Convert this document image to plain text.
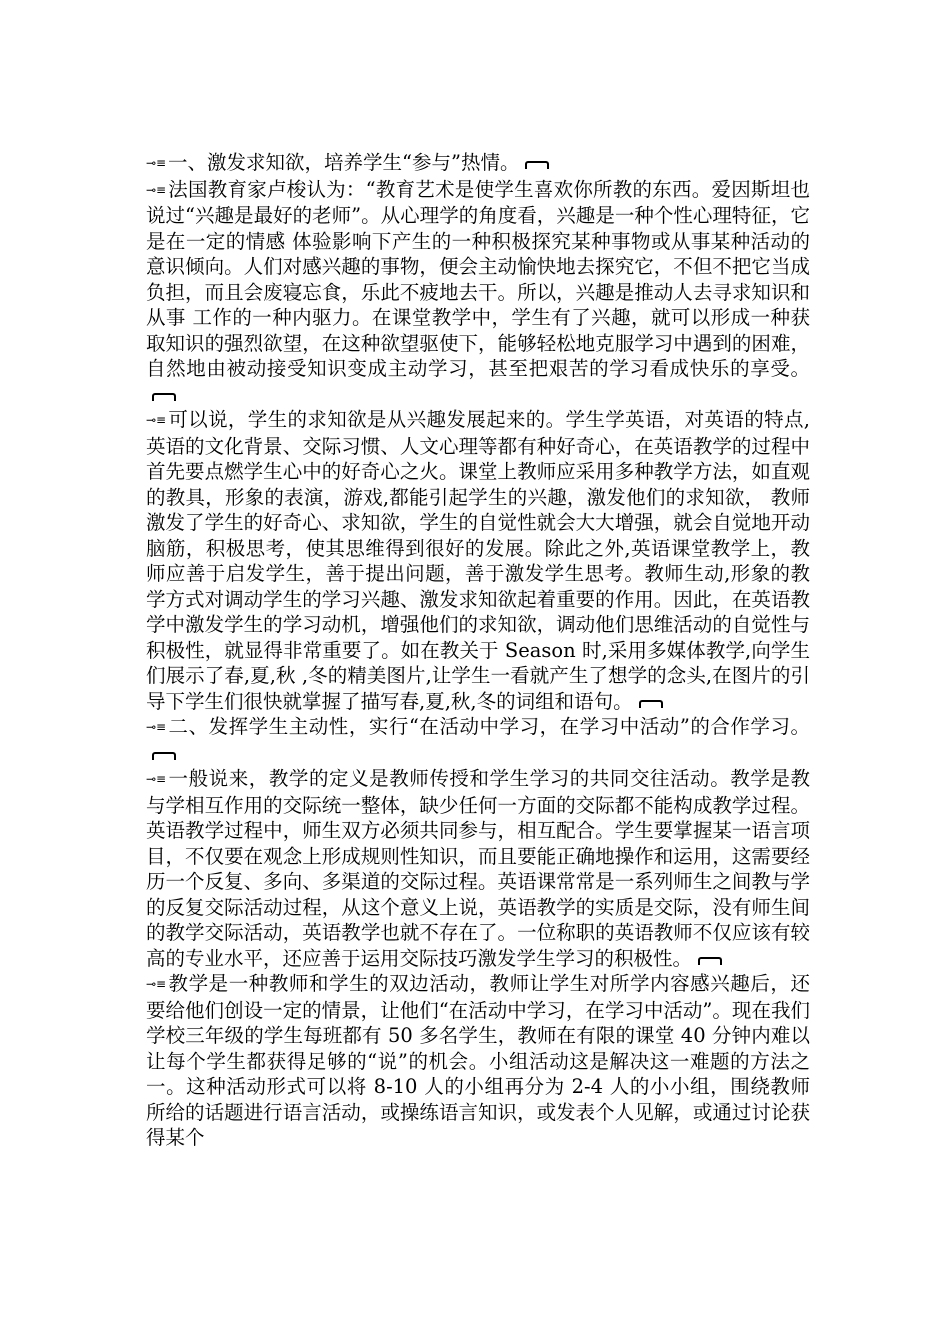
⊸≡一、激发求知欲，培养学生“参与”热情。

⊸≡法国教育家卢梭认为：“教育艺术是使学生喜欢你所教的东西。爱因斯坦也说过“兴趣是最好的老师”。从心理学的角度看，兴趣是一种个性心理特征，它是在一定的情感 体验影响下产生的一种积极探究某种事物或从事某种活动的意识倾向。人们对感兴趣的事物，便会主动愉快地去探究它，不但不把它当成负担，而且会废寝忘食，乐此不疲地去干。所以，兴趣是推动人去寻求知识和从事 工作的一种内驱力。在课堂教学中，学生有了兴趣，就可以形成一种获取知识的强烈欲望，在这种欲望驱使下，能够轻松地克服学习中遇到的困难，自然地由被动接受知识变成主动学习，甚至把艰苦的学习看成快乐的享受。

⊸≡可以说，学生的求知欲是从兴趣发展起来的。学生学英语，对英语的特点,英语的文化背景、交际习惯、人文心理等都有种好奇心，在英语教学的过程中首先要点燃学生心中的好奇心之火。课堂上教师应采用多种教学方法，如直观的教具，形象的表演，游戏,都能引起学生的兴趣，激发他们的求知欲， 教师激发了学生的好奇心、求知欲，学生的自觉性就会大大增强，就会自觉地开动脑筋，积极思考，使其思维得到很好的发展。除此之外,英语课堂教学上，教师应善于启发学生，善于提出问题，善于激发学生思考。教师生动,形象的教学方式对调动学生的学习兴趣、激发求知欲起着重要的作用。因此，在英语教学中激发学生的学习动机，增强他们的求知欲，调动他们思维活动的自觉性与积极性，就显得非常重要了。如在教关于 Season 时,采用多媒体教学,向学生们展示了春,夏,秋 ,冬的精美图片,让学生一看就产生了想学的念头,在图片的引导下学生们很快就掌握了描写春,夏,秋,冬的词组和语句。

⊸≡二、发挥学生主动性，实行“在活动中学习，在学习中活动”的合作学习。

⊸≡一般说来，教学的定义是教师传授和学生学习的共同交往活动。教学是教与学相互作用的交际统一整体，缺少任何一方面的交际都不能构成教学过程。英语教学过程中，师生双方必须共同参与，相互配合。学生要掌握某一语言项目，不仅要在观念上形成规则性知识，而且要能正确地操作和运用，这需要经历一个反复、多向、多渠道的交际过程。英语课常常是一系列师生之间教与学的反复交际活动过程，从这个意义上说，英语教学的实质是交际，没有师生间的教学交际活动，英语教学也就不存在了。一位称职的英语教师不仅应该有较高的专业水平，还应善于运用交际技巧激发学生学习的积极性。

⊸≡教学是一种教师和学生的双边活动，教师让学生对所学内容感兴趣后，还要给他们创设一定的情景，让他们“在活动中学习，在学习中活动”。现在我们学校三年级的学生每班都有 50 多名学生，教师在有限的课堂 40 分钟内难以让每个学生都获得足够的“说”的机会。小组活动这是解决这一难题的方法之一。这种活动形式可以将 8-10 人的小组再分为 2-4 人的小小组，围绕教师所给的话题进行语言活动，或操练语言知识，或发表个人见解，或通过讨论获得某个
